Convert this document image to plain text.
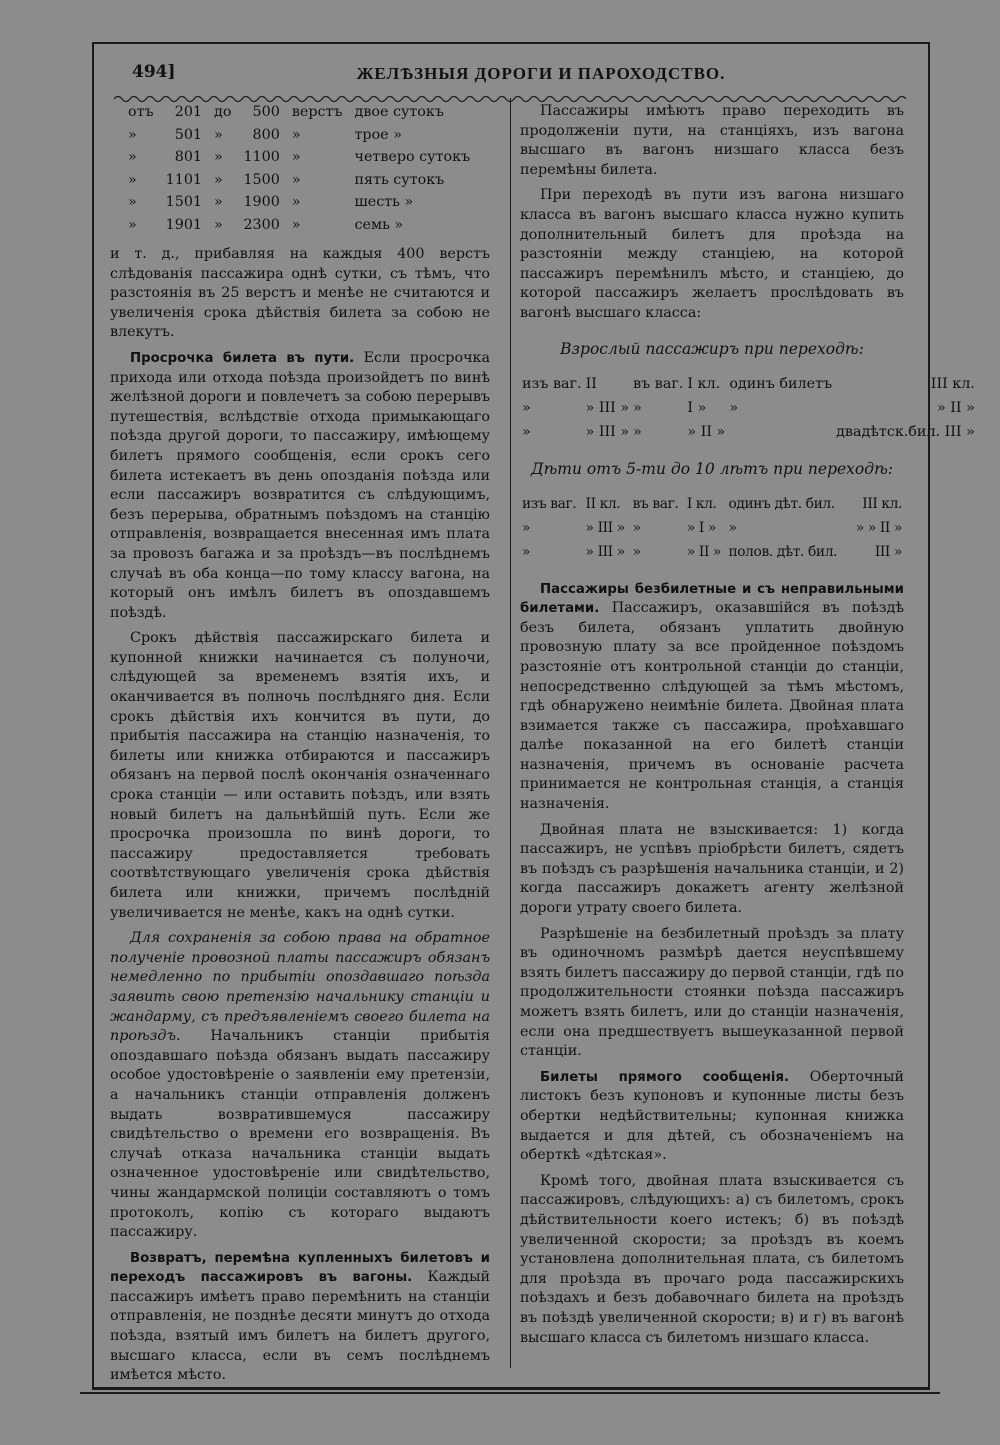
494]	ЖЕЛѢЗНЫЯ ДОРОГИ И ПАРОХОДСТВО.
отъ	201	до	500	верстъ	двое сутокъ
»	501	»	800	»	трое »
»	801	»	1100	»	четверо сутокъ
»	1101	»	1500	»	пять сутокъ
»	1501	»	1900	»	шесть »
»	1901	»	2300	»	семь »

и т. д., прибавляя на каждыя 400 верстъ слѣдованія пассажира однѣ сутки, съ тѣмъ, что разстоянія въ 25 верстъ и менѣе не считаются и увеличенія срока дѣйствія билета за собою не влекутъ.

Просрочка билета въ пути. Если просрочка прихода или отхода поѣзда произойдетъ по винѣ желѣзной дороги и повлечетъ за собою перерывъ путешествія, вслѣдствіе отхода примыкающаго поѣзда другой дороги, то пассажиру, имѣющему билетъ прямого сообщенія, если срокъ сего билета истекаетъ въ день опозданія поѣзда или если пассажиръ возвратится съ слѣдующимъ, безъ перерыва, обратнымъ поѣздомъ на станцію отправленія, возвращается внесенная имъ плата за провозъ багажа и за проѣздъ—въ послѣднемъ случаѣ въ оба конца—по тому классу вагона, на который онъ имѣлъ билетъ въ опоздавшемъ поѣздѣ.

Срокъ дѣйствія пассажирскаго билета и купонной книжки начинается съ полуночи, слѣдующей за временемъ взятія ихъ, и оканчивается въ полночь послѣдняго дня. Если срокъ дѣйствія ихъ кончится въ пути, до прибытія пассажира на станцію назначенія, то билеты или книжка отбираются и пассажиръ обязанъ на первой послѣ окончанія означеннаго срока станціи — или оставить поѣздъ, или взять новый билетъ на дальнѣйшій путь. Если же просрочка произошла по винѣ дороги, то пассажиру предоставляется требовать соотвѣтствующаго увеличенія срока дѣйствія билета или книжки, причемъ послѣдній увеличивается не менѣе, какъ на однѣ сутки.

Для сохраненія за собою права на обратное полученіе провозной платы пассажиръ обязанъ немедленно по прибытіи опоздавшаго поѣзда заявить свою претензію начальнику станціи и жандарму, съ предъявленіемъ своего билета на проѣздъ. Начальникъ станціи прибытія опоздавшаго поѣзда обязанъ выдать пассажиру особое удостовѣреніе о заявленіи ему претензіи, а начальникъ станціи отправленія долженъ выдать возвратившемуся пассажиру свидѣтельство о времени его возвращенія. Въ случаѣ отказа начальника станціи выдать означенное удостовѣреніе или свидѣтельство, чины жандармской полиціи составляютъ о томъ протоколъ, копію съ котораго выдаютъ пассажиру.

Возвратъ, перемѣна купленныхъ билетовъ и переходъ пассажировъ въ вагоны. Каждый пассажиръ имѣетъ право перемѣнить на станціи отправленія, не позднѣе десяти минутъ до отхода поѣзда, взятый имъ билетъ на билетъ другого, высшаго класса, если въ семъ послѣднемъ имѣется мѣсто.

Пассажиры имѣютъ право переходить въ продолженіи пути, на станціяхъ, изъ вагона высшаго въ вагонъ низшаго класса безъ перемѣны билета.

При переходѣ въ пути изъ вагона низшаго класса въ вагонъ высшаго класса нужно купить дополнительный билетъ для проѣзда на разстояніи между станціею, на которой пассажиръ перемѣнилъ мѣсто, и станціею, до которой пассажиръ желаетъ прослѣдовать въ вагонѣ высшаго класса:

Взрослый пассажиръ при переходѣ:
изъ ваг.	II	въ ваг.	I кл.	одинъ билетъ	III кл.
»	» III »	»	I »	»	» II »
»	» III »	»	» II »		двадѣтск.бил. III »
Дѣти отъ 5-ти до 10 лѣтъ при переходѣ:
изъ ваг.	II кл.	въ ваг.	I кл.	одинъ дѣт. бил.	III кл.
»	» III »	»	» I »	»	» » II »
»	» III »	»	» II »	полов. дѣт. бил.	III »

Пассажиры безбилетные и съ неправильными билетами. Пассажиръ, оказавшійся въ поѣздѣ безъ билета, обязанъ уплатить двойную провозную плату за все пройденное поѣздомъ разстояніе отъ контрольной станціи до станціи, непосредственно слѣдующей за тѣмъ мѣстомъ, гдѣ обнаружено неимѣніе билета. Двойная плата взимается также съ пассажира, проѣхавшаго далѣе показанной на его билетѣ станціи назначенія, причемъ въ основаніе расчета принимается не контрольная станція, а станція назначенія.

Двойная плата не взыскивается: 1) когда пассажиръ, не успѣвъ пріобрѣсти билетъ, сядетъ въ поѣздъ съ разрѣшенія начальника станціи, и 2) когда пассажиръ докажетъ агенту желѣзной дороги утрату своего билета.

Разрѣшеніе на безбилетный проѣздъ за плату въ одиночномъ размѣрѣ дается неуспѣвшему взять билетъ пассажиру до первой станціи, гдѣ по продолжительности стоянки поѣзда пассажиръ можетъ взять билетъ, или до станціи назначенія, если она предшествуетъ вышеуказанной первой станціи.

Билеты прямого сообщенія. Оберточный листокъ безъ купоновъ и купонные листы безъ обертки недѣйствительны; купонная книжка выдается и для дѣтей, съ обозначеніемъ на оберткѣ «дѣтская».

Кромѣ того, двойная плата взыскивается съ пассажировъ, слѣдующихъ: а) съ билетомъ, срокъ дѣйствительности коего истекъ; б) въ поѣздѣ увеличенной скорости; за проѣздъ въ коемъ установлена дополнительная плата, съ билетомъ для проѣзда въ прочаго рода пассажирскихъ поѣздахъ и безъ добавочнаго билета на проѣздъ въ поѣздѣ увеличенной скорости; в) и г) въ вагонѣ высшаго класса съ билетомъ низшаго класса.
